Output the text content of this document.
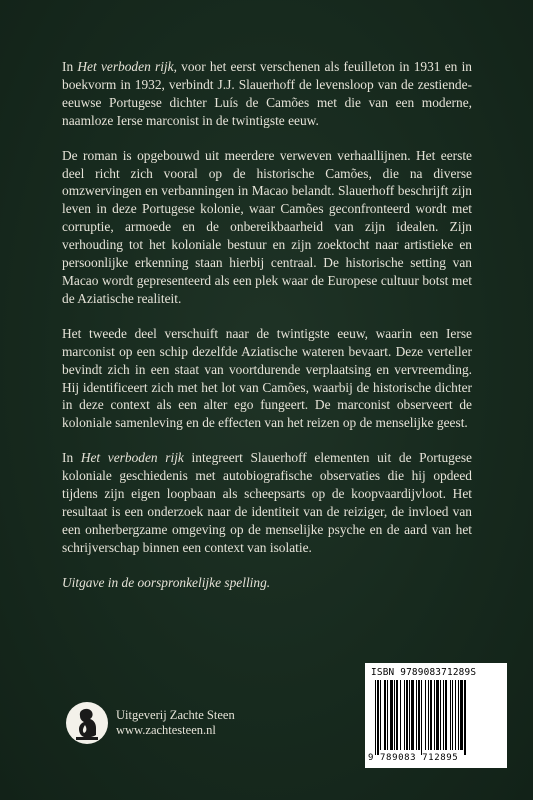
In Het verboden rijk, voor het eerst verschenen als feuilleton in 1931 en in boekvorm in 1932, verbindt J.J. Slauerhoff de levensloop van de zestiende-eeuwse Portugese dichter Luís de Camões met die van een moderne, naamloze Ierse marconist in de twintigste eeuw.

De roman is opgebouwd uit meerdere verweven verhaallijnen. Het eerste deel richt zich vooral op de historische Camões, die na diverse omzwervingen en verbanningen in Macao belandt. Slauerhoff beschrijft zijn leven in deze Portugese kolonie, waar Camões geconfronteerd wordt met corruptie, armoede en de onbereikbaarheid van zijn idealen. Zijn verhouding tot het koloniale bestuur en zijn zoektocht naar artistieke en persoonlijke erkenning staan hierbij centraal. De historische setting van Macao wordt gepresenteerd als een plek waar de Europese cultuur botst met de Aziatische realiteit.

Het tweede deel verschuift naar de twintigste eeuw, waarin een Ierse marconist op een schip dezelfde Aziatische wateren bevaart. Deze verteller bevindt zich in een staat van voortdurende verplaatsing en vervreemding. Hij identificeert zich met het lot van Camões, waarbij de historische dichter in deze context als een alter ego fungeert. De marconist observeert de koloniale samenleving en de effecten van het reizen op de menselijke geest.

In Het verboden rijk integreert Slauerhoff elementen uit de Portugese koloniale geschiedenis met autobiografische observaties die hij opdeed tijdens zijn eigen loopbaan als scheepsarts op de koopvaardijvloot. Het resultaat is een onderzoek naar de identiteit van de reiziger, de invloed van een onherbergzame omgeving op de menselijke psyche en de aard van het schrijverschap binnen een context van isolatie.

Uitgave in de oorspronkelijke spelling.

Uitgeverij Zachte Steen
www.zachtesteen.nl
ISBN 978908371289S
9 789083 712895
